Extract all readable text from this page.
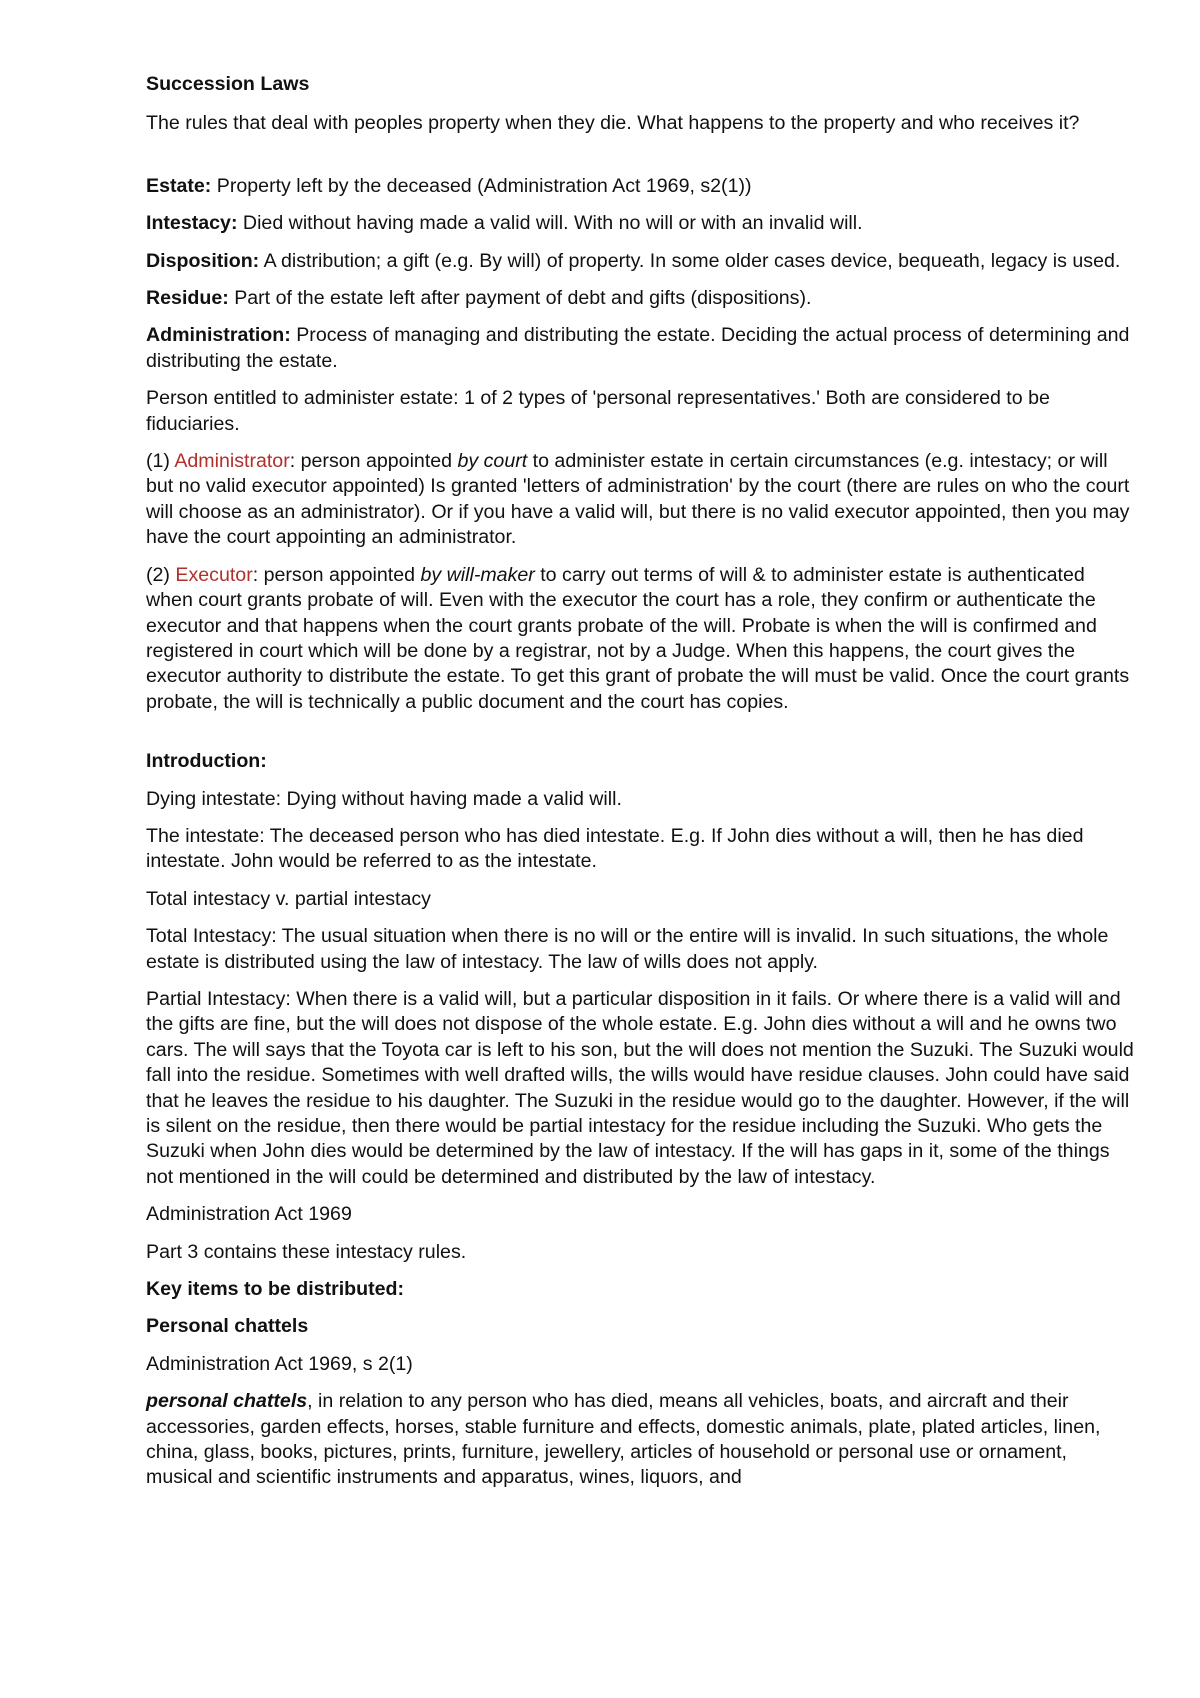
Succession Laws

The rules that deal with peoples property when they die. What happens to the property and who receives it?

Estate: Property left by the deceased (Administration Act 1969, s2(1))

Intestacy: Died without having made a valid will. With no will or with an invalid will.

Disposition: A distribution; a gift (e.g. By will) of property. In some older cases device, bequeath, legacy is used.

Residue: Part of the estate left after payment of debt and gifts (dispositions).

Administration: Process of managing and distributing the estate. Deciding the actual process of determining and distributing the estate.

Person entitled to administer estate: 1 of 2 types of 'personal representatives.' Both are considered to be fiduciaries.

(1) Administrator: person appointed by court to administer estate in certain circumstances (e.g. intestacy; or will but no valid executor appointed) Is granted 'letters of administration' by the court (there are rules on who the court will choose as an administrator). Or if you have a valid will, but there is no valid executor appointed, then you may have the court appointing an administrator.

(2) Executor: person appointed by will-maker to carry out terms of will & to administer estate is authenticated when court grants probate of will. Even with the executor the court has a role, they confirm or authenticate the executor and that happens when the court grants probate of the will. Probate is when the will is confirmed and registered in court which will be done by a registrar, not by a Judge. When this happens, the court gives the executor authority to distribute the estate. To get this grant of probate the will must be valid. Once the court grants probate, the will is technically a public document and the court has copies.

Introduction:

Dying intestate: Dying without having made a valid will.

The intestate: The deceased person who has died intestate. E.g. If John dies without a will, then he has died intestate. John would be referred to as the intestate.

Total intestacy v. partial intestacy

Total Intestacy: The usual situation when there is no will or the entire will is invalid. In such situations, the whole estate is distributed using the law of intestacy. The law of wills does not apply.

Partial Intestacy: When there is a valid will, but a particular disposition in it fails. Or where there is a valid will and the gifts are fine, but the will does not dispose of the whole estate. E.g. John dies without a will and he owns two cars. The will says that the Toyota car is left to his son, but the will does not mention the Suzuki. The Suzuki would fall into the residue. Sometimes with well drafted wills, the wills would have residue clauses. John could have said that he leaves the residue to his daughter. The Suzuki in the residue would go to the daughter. However, if the will is silent on the residue, then there would be partial intestacy for the residue including the Suzuki. Who gets the Suzuki when John dies would be determined by the law of intestacy. If the will has gaps in it, some of the things not mentioned in the will could be determined and distributed by the law of intestacy.

Administration Act 1969

Part 3 contains these intestacy rules.

Key items to be distributed:

Personal chattels

Administration Act 1969, s 2(1)

personal chattels, in relation to any person who has died, means all vehicles, boats, and aircraft and their accessories, garden effects, horses, stable furniture and effects, domestic animals, plate, plated articles, linen, china, glass, books, pictures, prints, furniture, jewellery, articles of household or personal use or ornament, musical and scientific instruments and apparatus, wines, liquors, and
